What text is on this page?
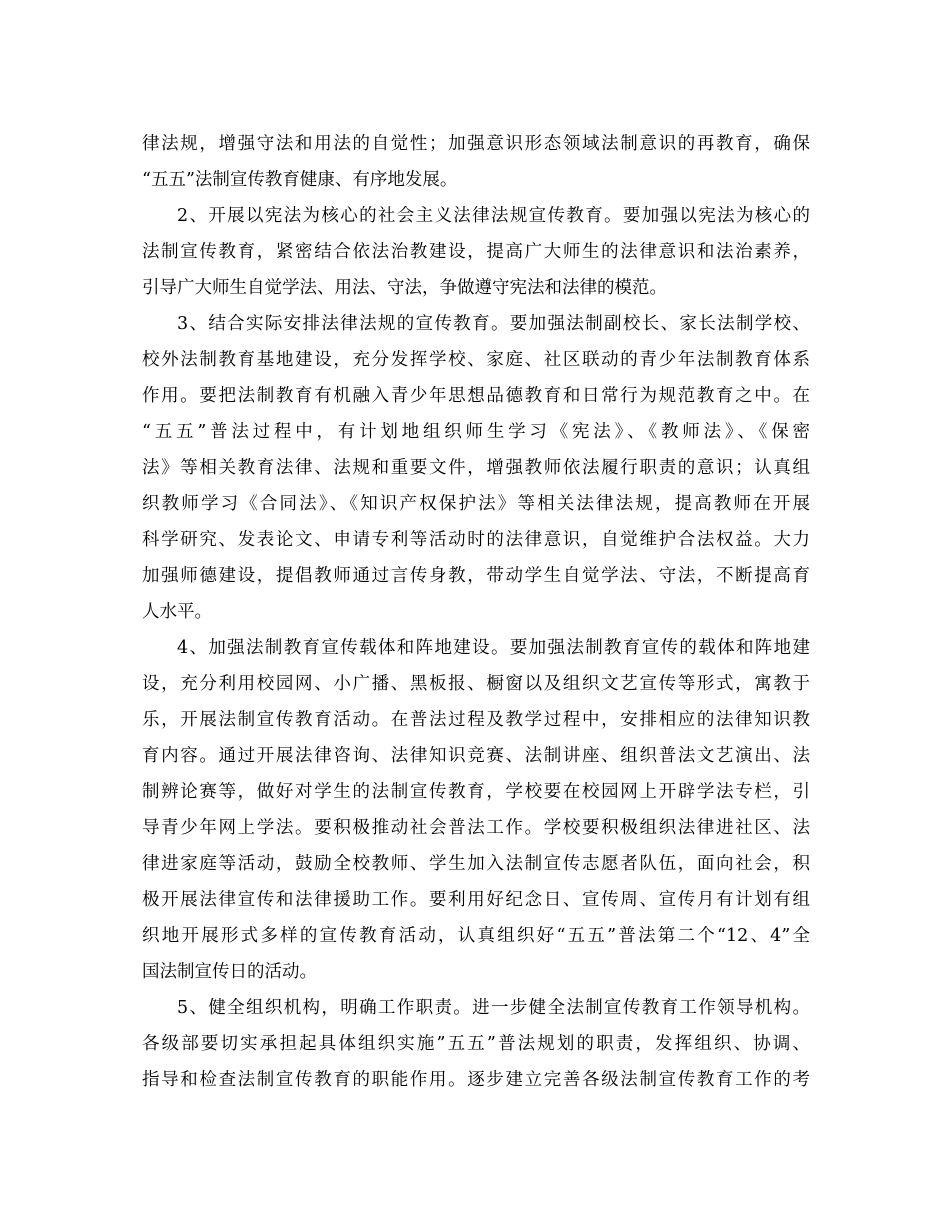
律法规，增强守法和用法的自觉性；加强意识形态领域法制意识的再教育，确保
“五五”法制宣传教育健康、有序地发展。
2、开展以宪法为核心的社会主义法律法规宣传教育。要加强以宪法为核心的
法制宣传教育，紧密结合依法治教建设，提高广大师生的法律意识和法治素养，
引导广大师生自觉学法、用法、守法，争做遵守宪法和法律的模范。
3、结合实际安排法律法规的宣传教育。要加强法制副校长、家长法制学校、
校外法制教育基地建设，充分发挥学校、家庭、社区联动的青少年法制教育体系
作用。要把法制教育有机融入青少年思想品德教育和日常行为规范教育之中。在
“五五”普法过程中，有计划地组织师生学习《宪法》、《教师法》、《保密
法》等相关教育法律、法规和重要文件，增强教师依法履行职责的意识；认真组
织教师学习《合同法》、《知识产权保护法》等相关法律法规，提高教师在开展
科学研究、发表论文、申请专利等活动时的法律意识，自觉维护合法权益。大力
加强师德建设，提倡教师通过言传身教，带动学生自觉学法、守法，不断提高育
人水平。
4、加强法制教育宣传载体和阵地建设。要加强法制教育宣传的载体和阵地建
设，充分利用校园网、小广播、黑板报、橱窗以及组织文艺宣传等形式，寓教于
乐，开展法制宣传教育活动。在普法过程及教学过程中，安排相应的法律知识教
育内容。通过开展法律咨询、法律知识竞赛、法制讲座、组织普法文艺演出、法
制辨论赛等，做好对学生的法制宣传教育，学校要在校园网上开辟学法专栏，引
导青少年网上学法。要积极推动社会普法工作。学校要积极组织法律进社区、法
律进家庭等活动，鼓励全校教师、学生加入法制宣传志愿者队伍，面向社会，积
极开展法律宣传和法律援助工作。要利用好纪念日、宣传周、宣传月有计划有组
织地开展形式多样的宣传教育活动，认真组织好“五五”普法第二个“12、4”全
国法制宣传日的活动。
5、健全组织机构，明确工作职责。进一步健全法制宣传教育工作领导机构。
各级部要切实承担起具体组织实施”五五”普法规划的职责，发挥组织、协调、
指导和检查法制宣传教育的职能作用。逐步建立完善各级法制宣传教育工作的考
